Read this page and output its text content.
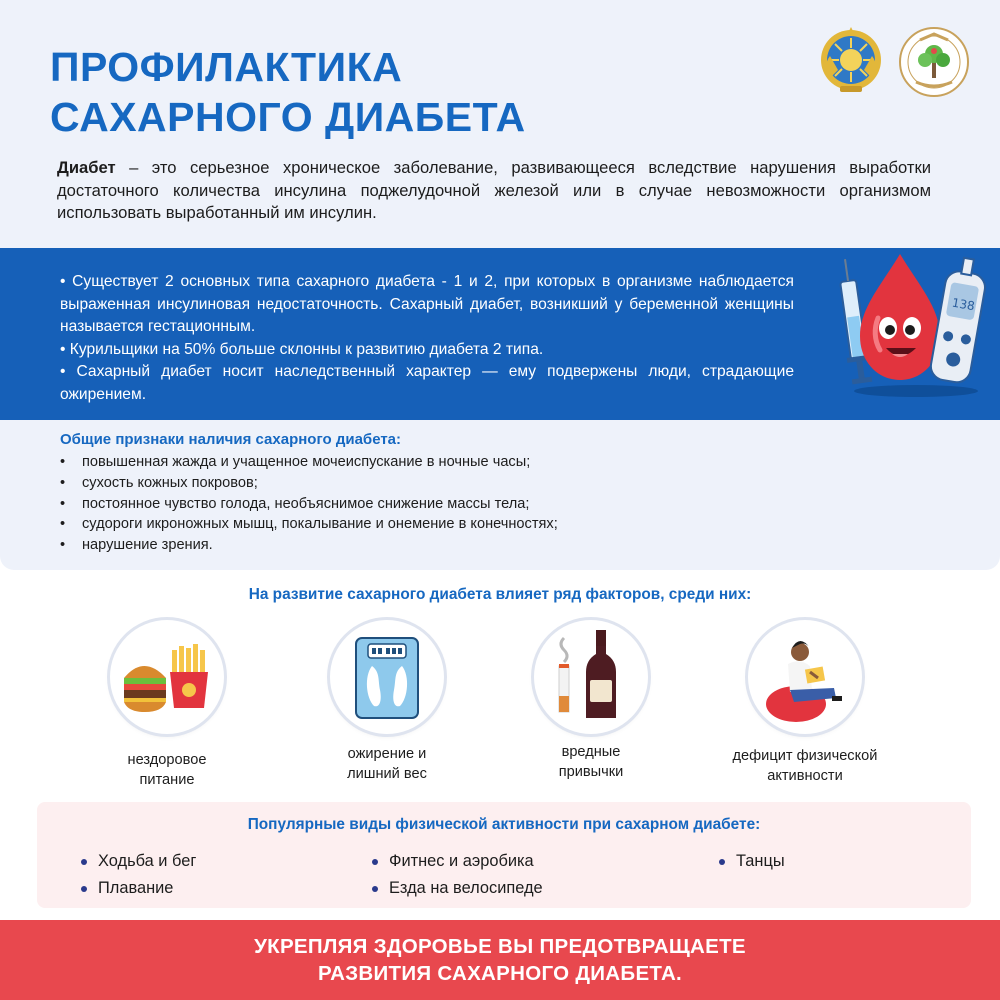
ПРОФИЛАКТИКА
САХАРНОГО ДИАБЕТА
Диабет – это серьезное хроническое заболевание, развивающееся вследствие нарушения выработки достаточного количества инсулина поджелудочной железой или в случае невозможности организмом использовать выработанный им инсулин.

• Существует 2 основных типа сахарного диабета - 1 и 2, при которых в организме наблюдается выраженная инсулиновая недостаточность. Сахарный диабет, возникший у беременной женщины называется гестационным.

• Курильщики на 50% больше склонны к развитию диабета 2 типа.

• Сахарный диабет носит наследственный характер — ему подвержены люди, страдающие ожирением.

138
Общие признаки наличия сахарного диабета:
• повышенная жажда и учащенное мочеиспускание в ночные часы;
• сухость кожных покровов;
• постоянное чувство голода, необъяснимое снижение массы тела;
• судороги икроножных мышц, покалывание и онемение в конечностях;
• нарушение зрения.
На развитие сахарного диабета влияет ряд факторов, среди них:
нездоровое
питание
ожирение и
лишний вес
вредные
привычки
дефицит физической
активности
Популярные виды физической активности при сахарном диабете:
Ходьба и бег
Плавание
Фитнес и аэробика
Езда на велосипеде
Танцы
УКРЕПЛЯЯ ЗДОРОВЬЕ ВЫ ПРЕДОТВРАЩАЕТЕ
РАЗВИТИЯ САХАРНОГО ДИАБЕТА.
